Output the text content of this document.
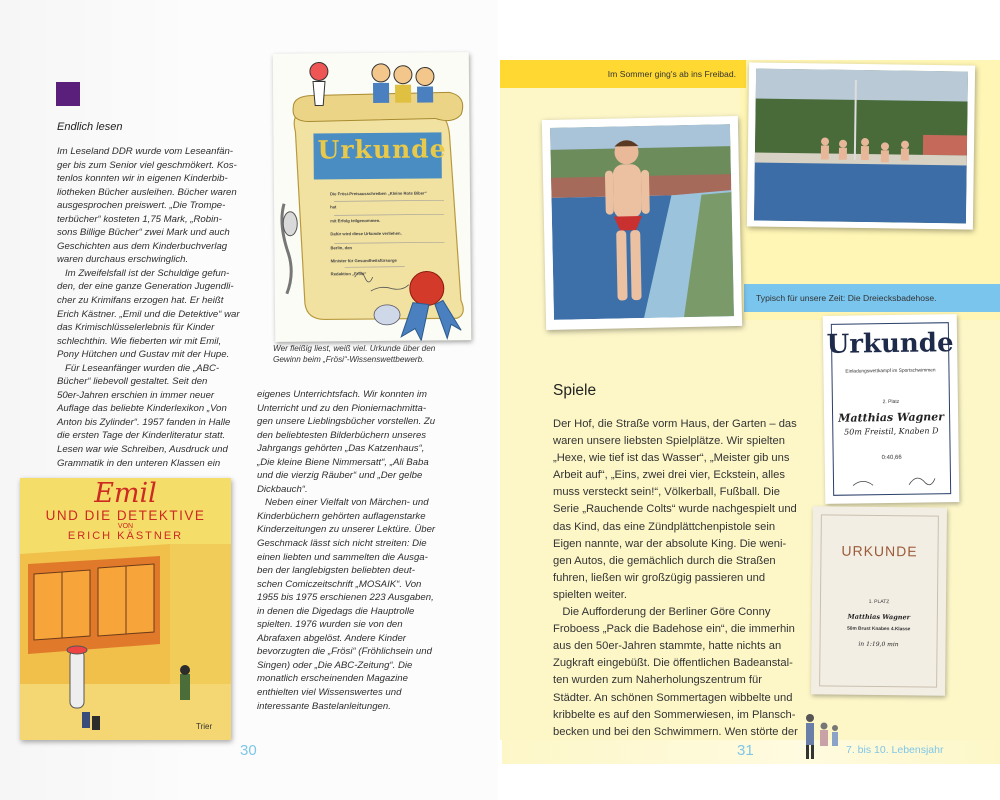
Endlich lesen
Im Leseland DDR wurde vom Leseanfän-
ger bis zum Senior viel geschmökert. Kos-
tenlos konnten wir in eigenen Kinderbib-
liotheken Bücher ausleihen. Bücher waren
ausgesprochen preiswert. „Die Trompe-
terbücher“ kosteten 1,75 Mark, „Robin-
sons Billige Bücher“ zwei Mark und auch
Geschichten aus dem Kinderbuchverlag
waren durchaus erschwinglich.
Im Zweifelsfall ist der Schuldige gefun-
den, der eine ganze Generation Jugendli-
cher zu Krimifans erzogen hat. Er heißt
Erich Kästner. „Emil und die Detektive“ war
das Krimischlüsselerlebnis für Kinder
schlechthin. Wie fieberten wir mit Emil,
Pony Hütchen und Gustav mit der Hupe.
Für Leseanfänger wurden die „ABC-
Bücher“ liebevoll gestaltet. Seit den
50er-Jahren erschien in immer neuer
Auflage das beliebte Kinderlexikon „Von
Anton bis Zylinder“. 1957 fanden in Halle
die ersten Tage der Kinderliteratur statt.
Lesen war wie Schreiben, Ausdruck und
Grammatik in den unteren Klassen ein
eigenes Unterrichtsfach. Wir konnten im
Unterricht und zu den Pioniernachmitta-
gen unsere Lieblingsbücher vorstellen. Zu
den beliebtesten Bilderbüchern unseres
Jahrgangs gehörten „Das Katzenhaus“,
„Die kleine Biene Nimmersatt“, „Ali Baba
und die vierzig Räuber“ und „Der gelbe
Dickbauch“.
Neben einer Vielfalt von Märchen- und
Kinderbüchern gehörten auflagenstarke
Kinderzeitungen zu unserer Lektüre. Über
Geschmack lässt sich nicht streiten: Die
einen liebten und sammelten die Ausga-
ben der langlebigsten beliebten deut-
schen Comiczeitschrift „MOSAIK“. Von
1955 bis 1975 erschienen 223 Ausgaben,
in denen die Digedags die Hauptrolle
spielten. 1976 wurden sie von den
Abrafaxen abgelöst. Andere Kinder
bevorzugten die „Frösi“ (Fröhlichsein und
Singen) oder „Die ABC-Zeitung“. Die
monatlich erscheinenden Magazine
enthielten viel Wissenswertes und
interessante Bastelanleitungen.
Urkunde
Die Frösi-Preisausschreiben „Kleine Rote Biber“
hat
mit Erfolg teilgenommen.
Dafür wird diese Urkunde verliehen.
Berlin, den
Minister für Gesundheitsfürsorge
Redaktion „Frösi“
Wer fleißig liest, weiß viel. Urkunde über den
Gewinn beim „Frösi“-Wissenswettbewerb.
Emil
UND DIE DETEKTIVE
VON
ERICH KÄSTNER
Trier
30
Im Sommer ging's ab ins Freibad.
Typisch für unsere Zeit: Die Dreiecksbadehose.
Spiele
Der Hof, die Straße vorm Haus, der Garten – das
waren unsere liebsten Spielplätze. Wir spielten
„Hexe, wie tief ist das Wasser“, „Meister gib uns
Arbeit auf“, „Eins, zwei drei vier, Eckstein, alles
muss versteckt sein!“, Völkerball, Fußball. Die
Serie „Rauchende Colts“ wurde nachgespielt und
das Kind, das eine Zündplättchenpistole sein
Eigen nannte, war der absolute King. Die weni-
gen Autos, die gemächlich durch die Straßen
fuhren, ließen wir großzügig passieren und
spielten weiter.
Die Aufforderung der Berliner Göre Conny
Froboess „Pack die Badehose ein“, die immerhin
aus den 50er-Jahren stammte, hatte nichts an
Zugkraft eingebüßt. Die öffentlichen Badeanstal-
ten wurden zum Naherholungszentrum für
Städter. An schönen Sommertagen wibbelte und
kribbelte es auf den Sommerwiesen, im Plansch-
becken und bei den Schwimmern. Wen störte der
Urkunde
Einladungswettkampf im Sportschwimmen
2. Platz
Matthias Wagner
50m Freistil, Knaben D
0:40,66
URKUNDE
1. PLATZ
Matthias Wagner
50m Brust Knaben 4.Klasse
in 1:19,0 min
31	7. bis 10. Lebensjahr
